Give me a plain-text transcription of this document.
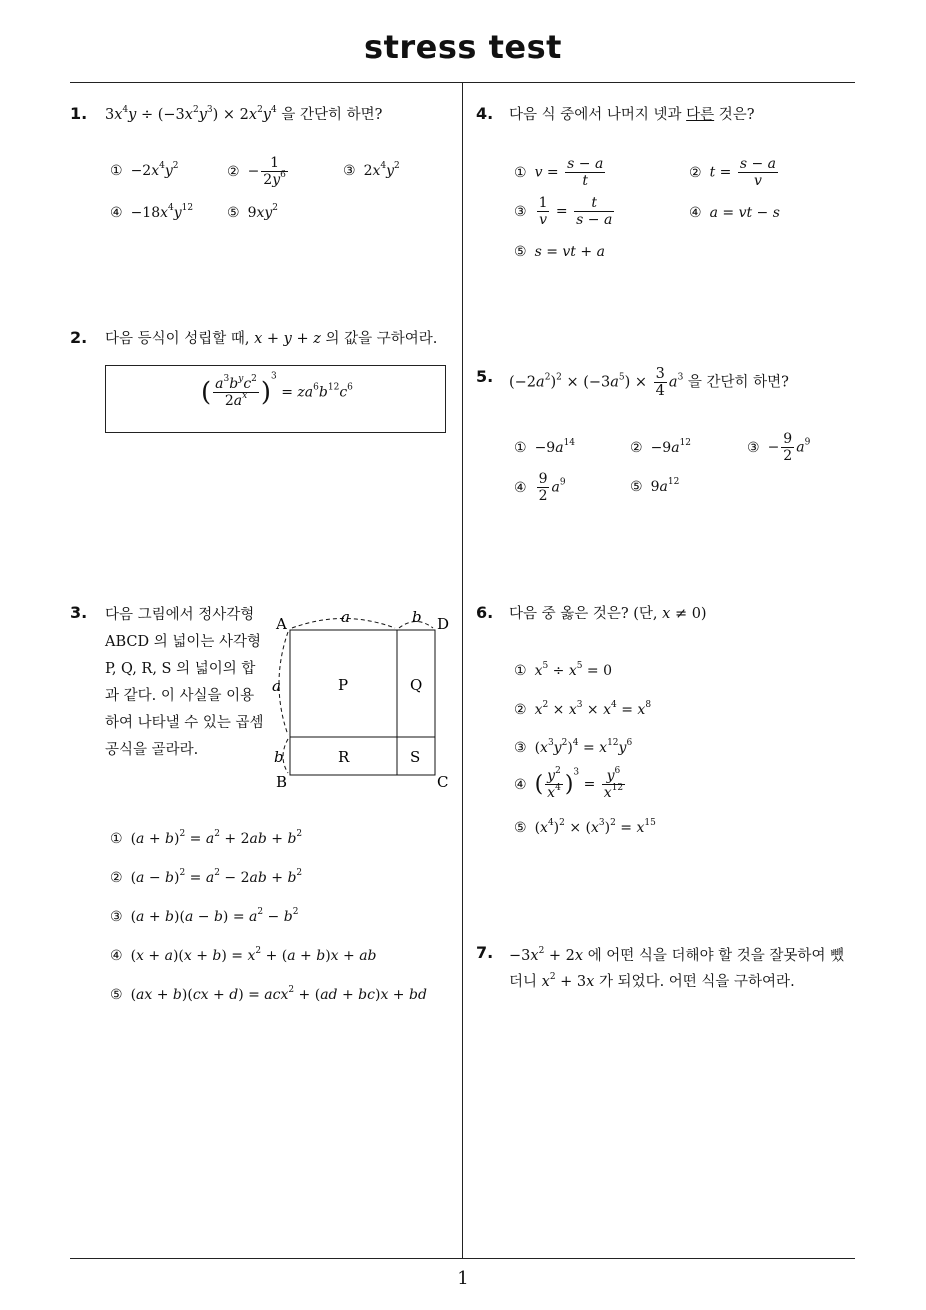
stress test
1
1. $3x^4y \div (-3x^2y^3) \times 2x^2y^4$ 을 간단히 하면?
① $-2x^4y^2$	② − $\frac{1}{2y^6}$	③ $2x^4y^2$
④ $-18x^4y^{12}$ ⑤ $9xy^2$
2. 다음 등식이 성립할 때, x + y + z 의 값을 구하여라.
( $\frac{a^3b^yc^2}{2a^x} )^3 = za^6b^{12}c^6$
3. 다음 그림에서 정사각형 ABCD 의 넓이는 사각형 P, Q, R, S 의 넓이의 합과 같다. 이 사실을 이용하여 나타낼 수 있는 곱셈 공식을 골라라.
A	D
B	C
a	b
a
b
P	Q
R	S
① $(a + b)^2 = a^2 + 2ab + b^2$
② $(a - b)^2 = a^2 - 2ab + b^2$
③ $(a + b)(a - b) = a^2 - b^2$
④ $(x + a)(x + b) = x^2 + (a + b)x$ + ab
⑤ (ax + b)(cx + d) = acx$^2$ + (ad + bc)x + bd
4. 다음 식 중에서 나머지 넷과 다른 것은?
① $v = \frac{s - a}{t}$	② $t = \frac{s - a}{v}$
③ $\frac{1}{v} = \frac{t}{s - a}$	④ a = vt − s
⑤ s = vt + a
5. $(-2a^2)^2 \times (-3a^5) \times \frac{3}{4} a^3$ 을 간단히 하면?
① $-9a^{14}$	② $-9a^{12}$	③ − $\frac{9}{2} a^9$
④ $\frac{9}{2} a^9$	⑤ $9a^{12}$
6. 다음 중 옳은 것은? (단, x ≠ 0)
① $x^5 \div x^5 = 0$
② $x^2 \times x^3 \times x^4 = x^8$
③ $(x^3y^2)^4 = x^{12}y^6$
④ ( $\frac{y^2}{x^4} )^3 = \frac{y^6}{x^{12}}$
⑤ $(x^4)^2 \times (x^3)^2 = x^{15}$
7. $-3x^2 + 2x$ 에 어떤 식을 더해야 할 것을 잘못하여 뺐
더니 $x^2 + 3x$ 가 되었다. 어떤 식을 구하여라.
